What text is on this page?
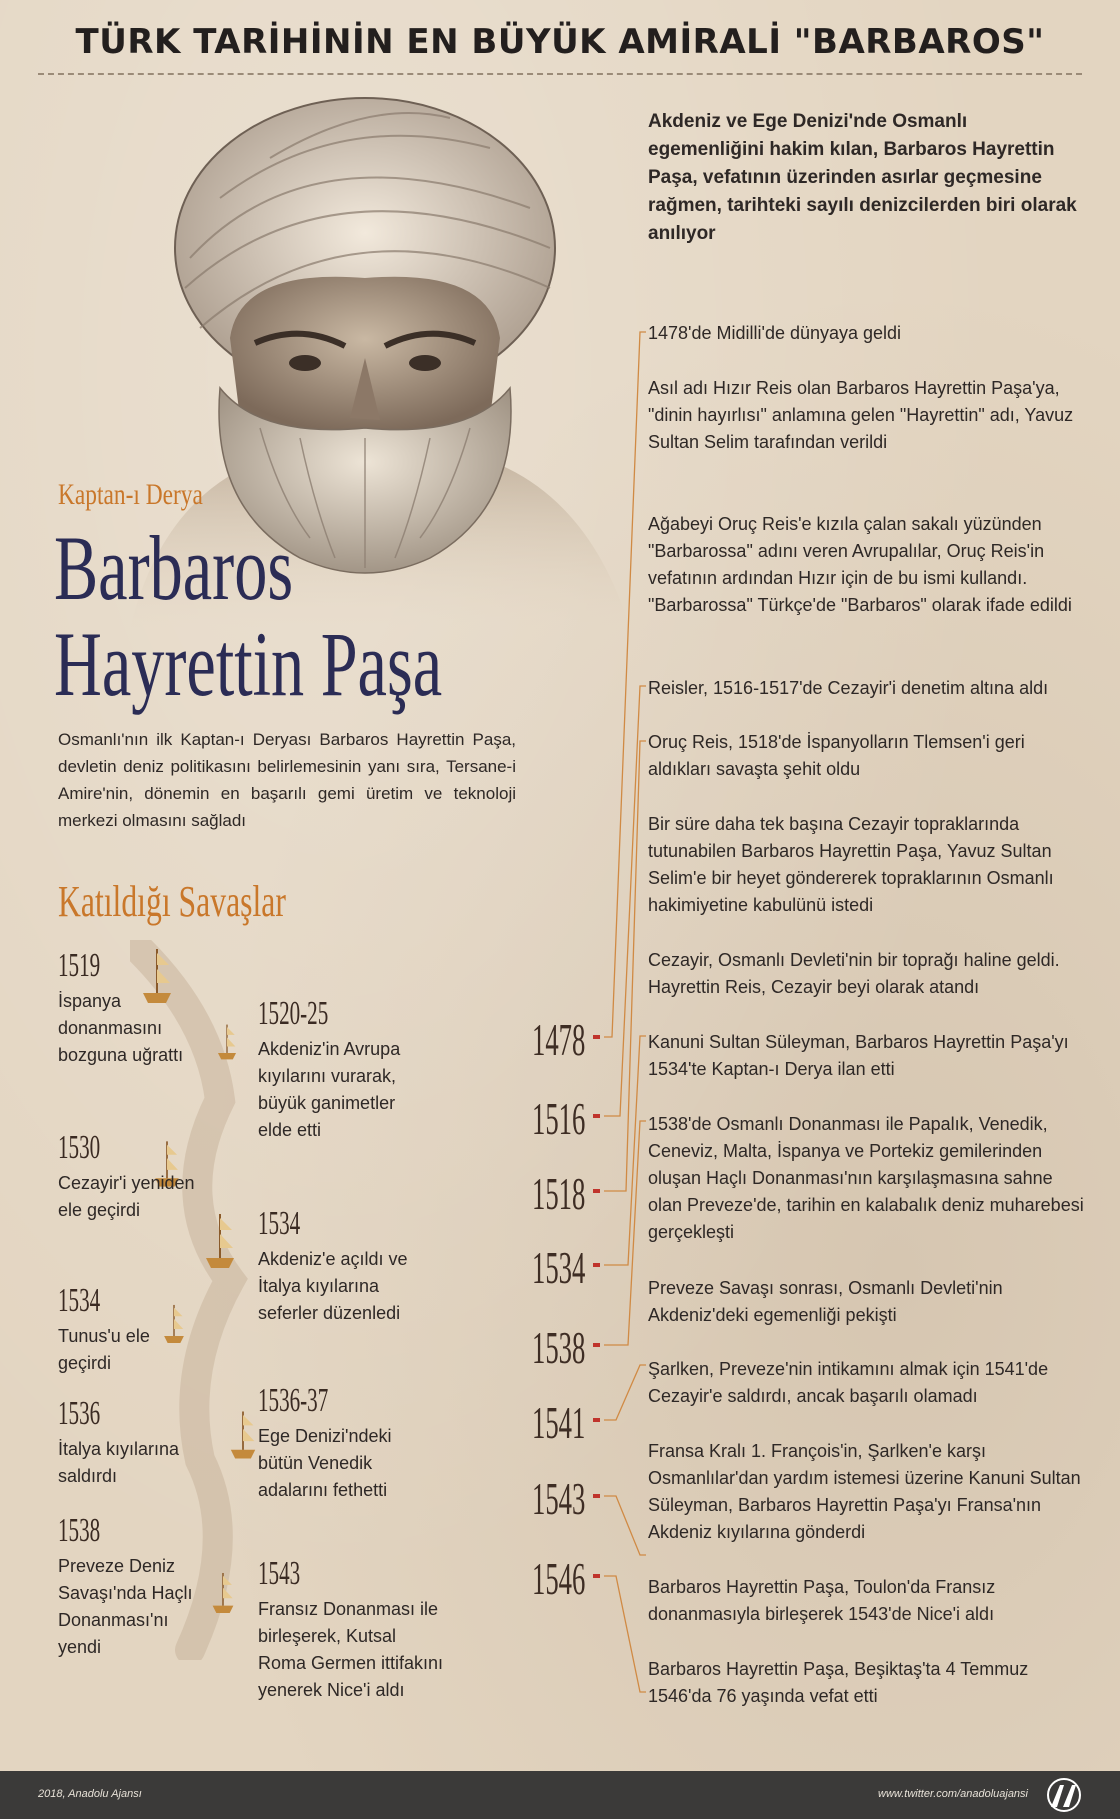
TÜRK TARİHİNİN EN BÜYÜK AMİRALİ "BARBAROS"
Akdeniz ve Ege Denizi'nde Osmanlı egemenliğini hakim kılan, Barbaros Hayrettin Paşa, vefatının üzerinden asırlar geçmesine rağmen, tarihteki sayılı denizcilerden biri olarak anılıyor
Kaptan-ı Derya
Barbaros
Hayrettin Paşa
Osmanlı'nın ilk Kaptan-ı Deryası Barbaros Hayrettin Paşa, devletin deniz politikasını belirlemesinin yanı sıra, Tersane-i Amire'nin, dönemin en başarılı gemi üretim ve teknoloji merkezi olmasını sağladı
Katıldığı Savaşlar
1519
İspanya donanmasını bozguna uğrattı
1530
Cezayir'i yeniden ele geçirdi
1534
Tunus'u ele geçirdi
1536
İtalya kıyılarına saldırdı
1538
Preveze Deniz Savaşı'nda Haçlı Donanması'nı yendi
1520-25
Akdeniz'in Avrupa kıyılarını vurarak, büyük ganimetler elde etti
1534
Akdeniz'e açıldı ve İtalya kıyılarına seferler düzenledi
1536-37
Ege Denizi'ndeki bütün Venedik adalarını fethetti
1543
Fransız Donanması ile birleşerek, Kutsal Roma Germen ittifakını yenerek Nice'i aldı
1478
1516
1518
1534
1538
1541
1543
1546
1478'de Midilli'de dünyaya geldi
Asıl adı Hızır Reis olan Barbaros Hayrettin Paşa'ya, "dinin hayırlısı" anlamına gelen "Hayrettin" adı, Yavuz Sultan Selim tarafından verildi
Ağabeyi Oruç Reis'e kızıla çalan sakalı yüzünden "Barbarossa" adını veren Avrupalılar, Oruç Reis'in vefatının ardından Hızır için de bu ismi kullandı. "Barbarossa" Türkçe'de "Barbaros" olarak ifade edildi
Reisler, 1516-1517'de Cezayir'i denetim altına aldı
Oruç Reis, 1518'de İspanyolların Tlemsen'i geri aldıkları savaşta şehit oldu
Bir süre daha tek başına Cezayir topraklarında tutunabilen Barbaros Hayrettin Paşa, Yavuz Sultan Selim'e bir heyet göndererek topraklarının Osmanlı hakimiyetine kabulünü istedi
Cezayir, Osmanlı Devleti'nin bir toprağı haline geldi. Hayrettin Reis, Cezayir beyi olarak atandı
Kanuni Sultan Süleyman, Barbaros Hayrettin Paşa'yı 1534'te Kaptan-ı Derya ilan etti
1538'de Osmanlı Donanması ile Papalık, Venedik, Ceneviz, Malta, İspanya ve Portekiz gemilerinden oluşan Haçlı Donanması'nın karşılaşmasına sahne olan Preveze'de, tarihin en kalabalık deniz muharebesi gerçekleşti
Preveze Savaşı sonrası, Osmanlı Devleti'nin Akdeniz'deki egemenliği pekişti
Şarlken, Preveze'nin intikamını almak için 1541'de Cezayir'e saldırdı, ancak başarılı olamadı
Fransa Kralı 1. François'in, Şarlken'e karşı Osmanlılar'dan yardım istemesi üzerine Kanuni Sultan Süleyman, Barbaros Hayrettin Paşa'yı Fransa'nın Akdeniz kıyılarına gönderdi
Barbaros Hayrettin Paşa, Toulon'da Fransız donanmasıyla birleşerek 1543'de Nice'i aldı
Barbaros Hayrettin Paşa, Beşiktaş'ta 4 Temmuz 1546'da 76 yaşında vefat etti
2018, Anadolu Ajansı	www.twitter.com/anadoluajansi
